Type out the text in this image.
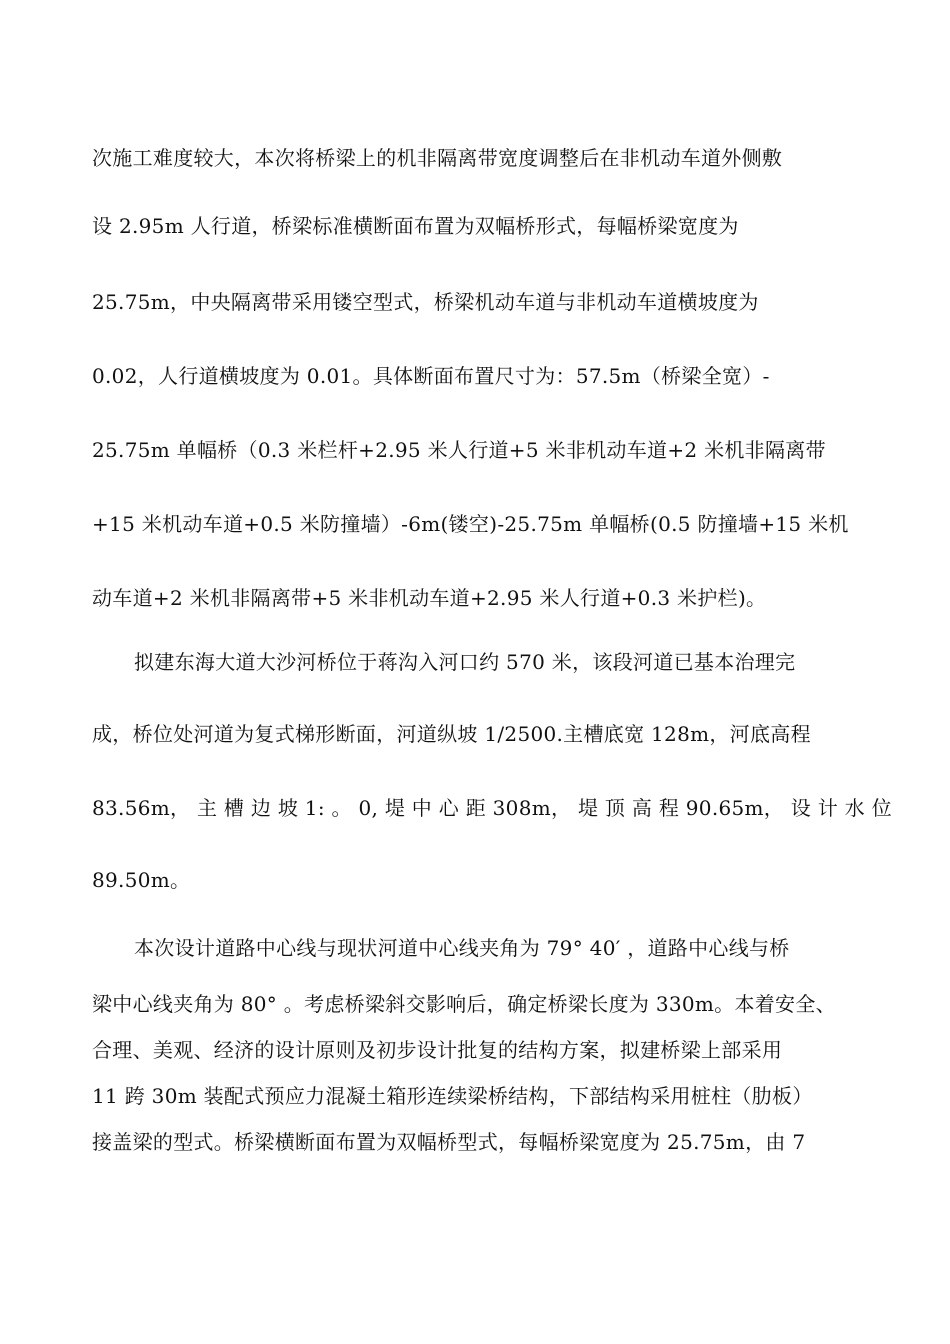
次施工难度较大，本次将桥梁上的机非隔离带宽度调整后在非机动车道外侧敷
设 2.95m 人行道，桥梁标准横断面布置为双幅桥形式，每幅桥梁宽度为
25.75m，中央隔离带采用镂空型式，桥梁机动车道与非机动车道横坡度为
0.02，人行道横坡度为 0.01。具体断面布置尺寸为：57.5m（桥梁全宽）-
25.75m 单幅桥（0.3 米栏杆+2.95 米人行道+5 米非机动车道+2 米机非隔离带
+15 米机动车道+0.5 米防撞墙）-6m(镂空)-25.75m 单幅桥(0.5 防撞墙+15 米机
动车道+2 米机非隔离带+5 米非机动车道+2.95 米人行道+0.3 米护栏)。
拟建东海大道大沙河桥位于蒋沟入河口约 570 米，该段河道已基本治理完
成，桥位处河道为复式梯形断面，河道纵坡 1/2500.主槽底宽 128m，河底高程
83.56m， 主 槽 边 坡 1: 。 0, 堤 中 心 距 308m， 堤 顶 高 程 90.65m， 设 计 水 位
89.50m。
本次设计道路中心线与现状河道中心线夹角为 79° 40′ ，道路中心线与桥
梁中心线夹角为 80° 。考虑桥梁斜交影响后，确定桥梁长度为 330m。本着安全、
合理、美观、经济的设计原则及初步设计批复的结构方案，拟建桥梁上部采用
11 跨 30m 装配式预应力混凝土箱形连续梁桥结构，下部结构采用桩柱（肋板）
接盖梁的型式。桥梁横断面布置为双幅桥型式，每幅桥梁宽度为 25.75m，由 7
